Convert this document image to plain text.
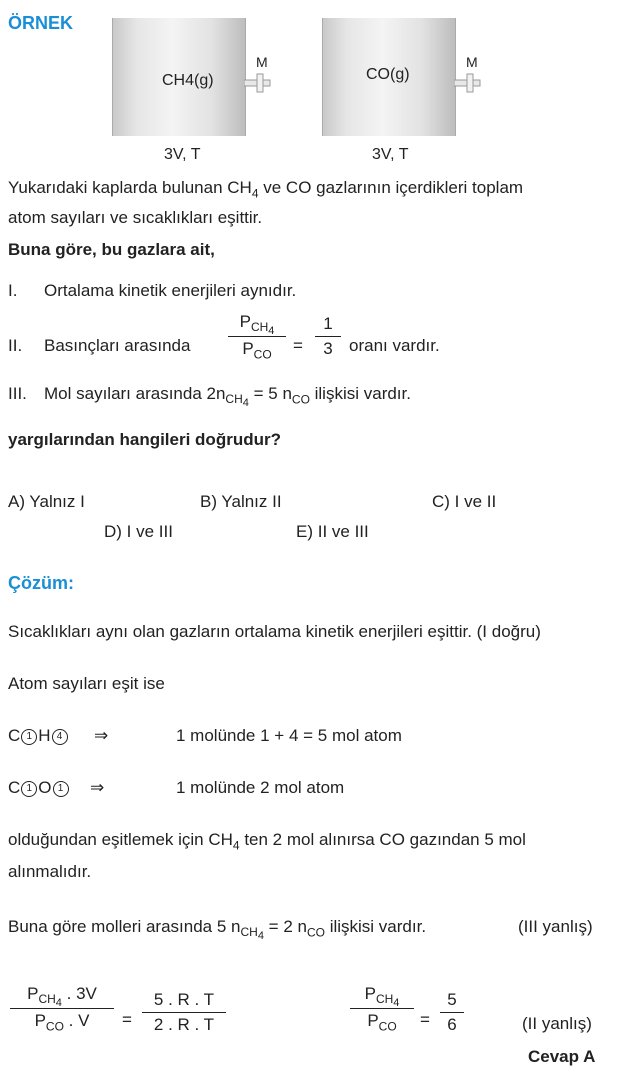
ÖRNEK
CH4(g)
M
3V, T
CO(g)
M
3V, T
Yukarıdaki kaplarda bulunan $CH_4$ ve CO gazlarının içerdikleri toplam
atom sayıları ve sıcaklıkları eşittir.
Buna göre, bu gazlara ait,
I. Ortalama kinetik enerjileri aynıdır.
II. Basınçları arasında
$P_{CH4}$
$P_{CO}$	=
1
3 oranı vardır.
III. Mol sayıları arasında $2n_{CH4} = 5$ $n_{CO}$ ilişkisi vardır.
yargılarından hangileri doğrudur?
A) Yalnız I	B) Yalnız II	C) I ve II
D) I ve III	E) II ve III
Çözüm:
Sıcaklıkları aynı olan gazların ortalama kinetik enerjileri eşittir. (I doğru)
Atom sayıları eşit ise
C 1 H 4	⇒	1 molünde 1 + 4 = 5 mol atom
C 1 O 1	⇒	1 molünde 2 mol atom
olduğundan eşitlemek için $CH_4$ ten 2 mol alınırsa CO gazından 5 mol
alınmalıdır.
Buna göre molleri arasında 5 $n_{CH4} = 2$ $n_{CO}$ ilişkisi vardır.	(III yanlış)
$P_{CH4}$ . 3V
$P_{CO}$ . V	=
5 . R . T
2 . R . T
$P_{CH4}$
$P_{CO}$	=
5
6	(II yanlış)
Cevap A
